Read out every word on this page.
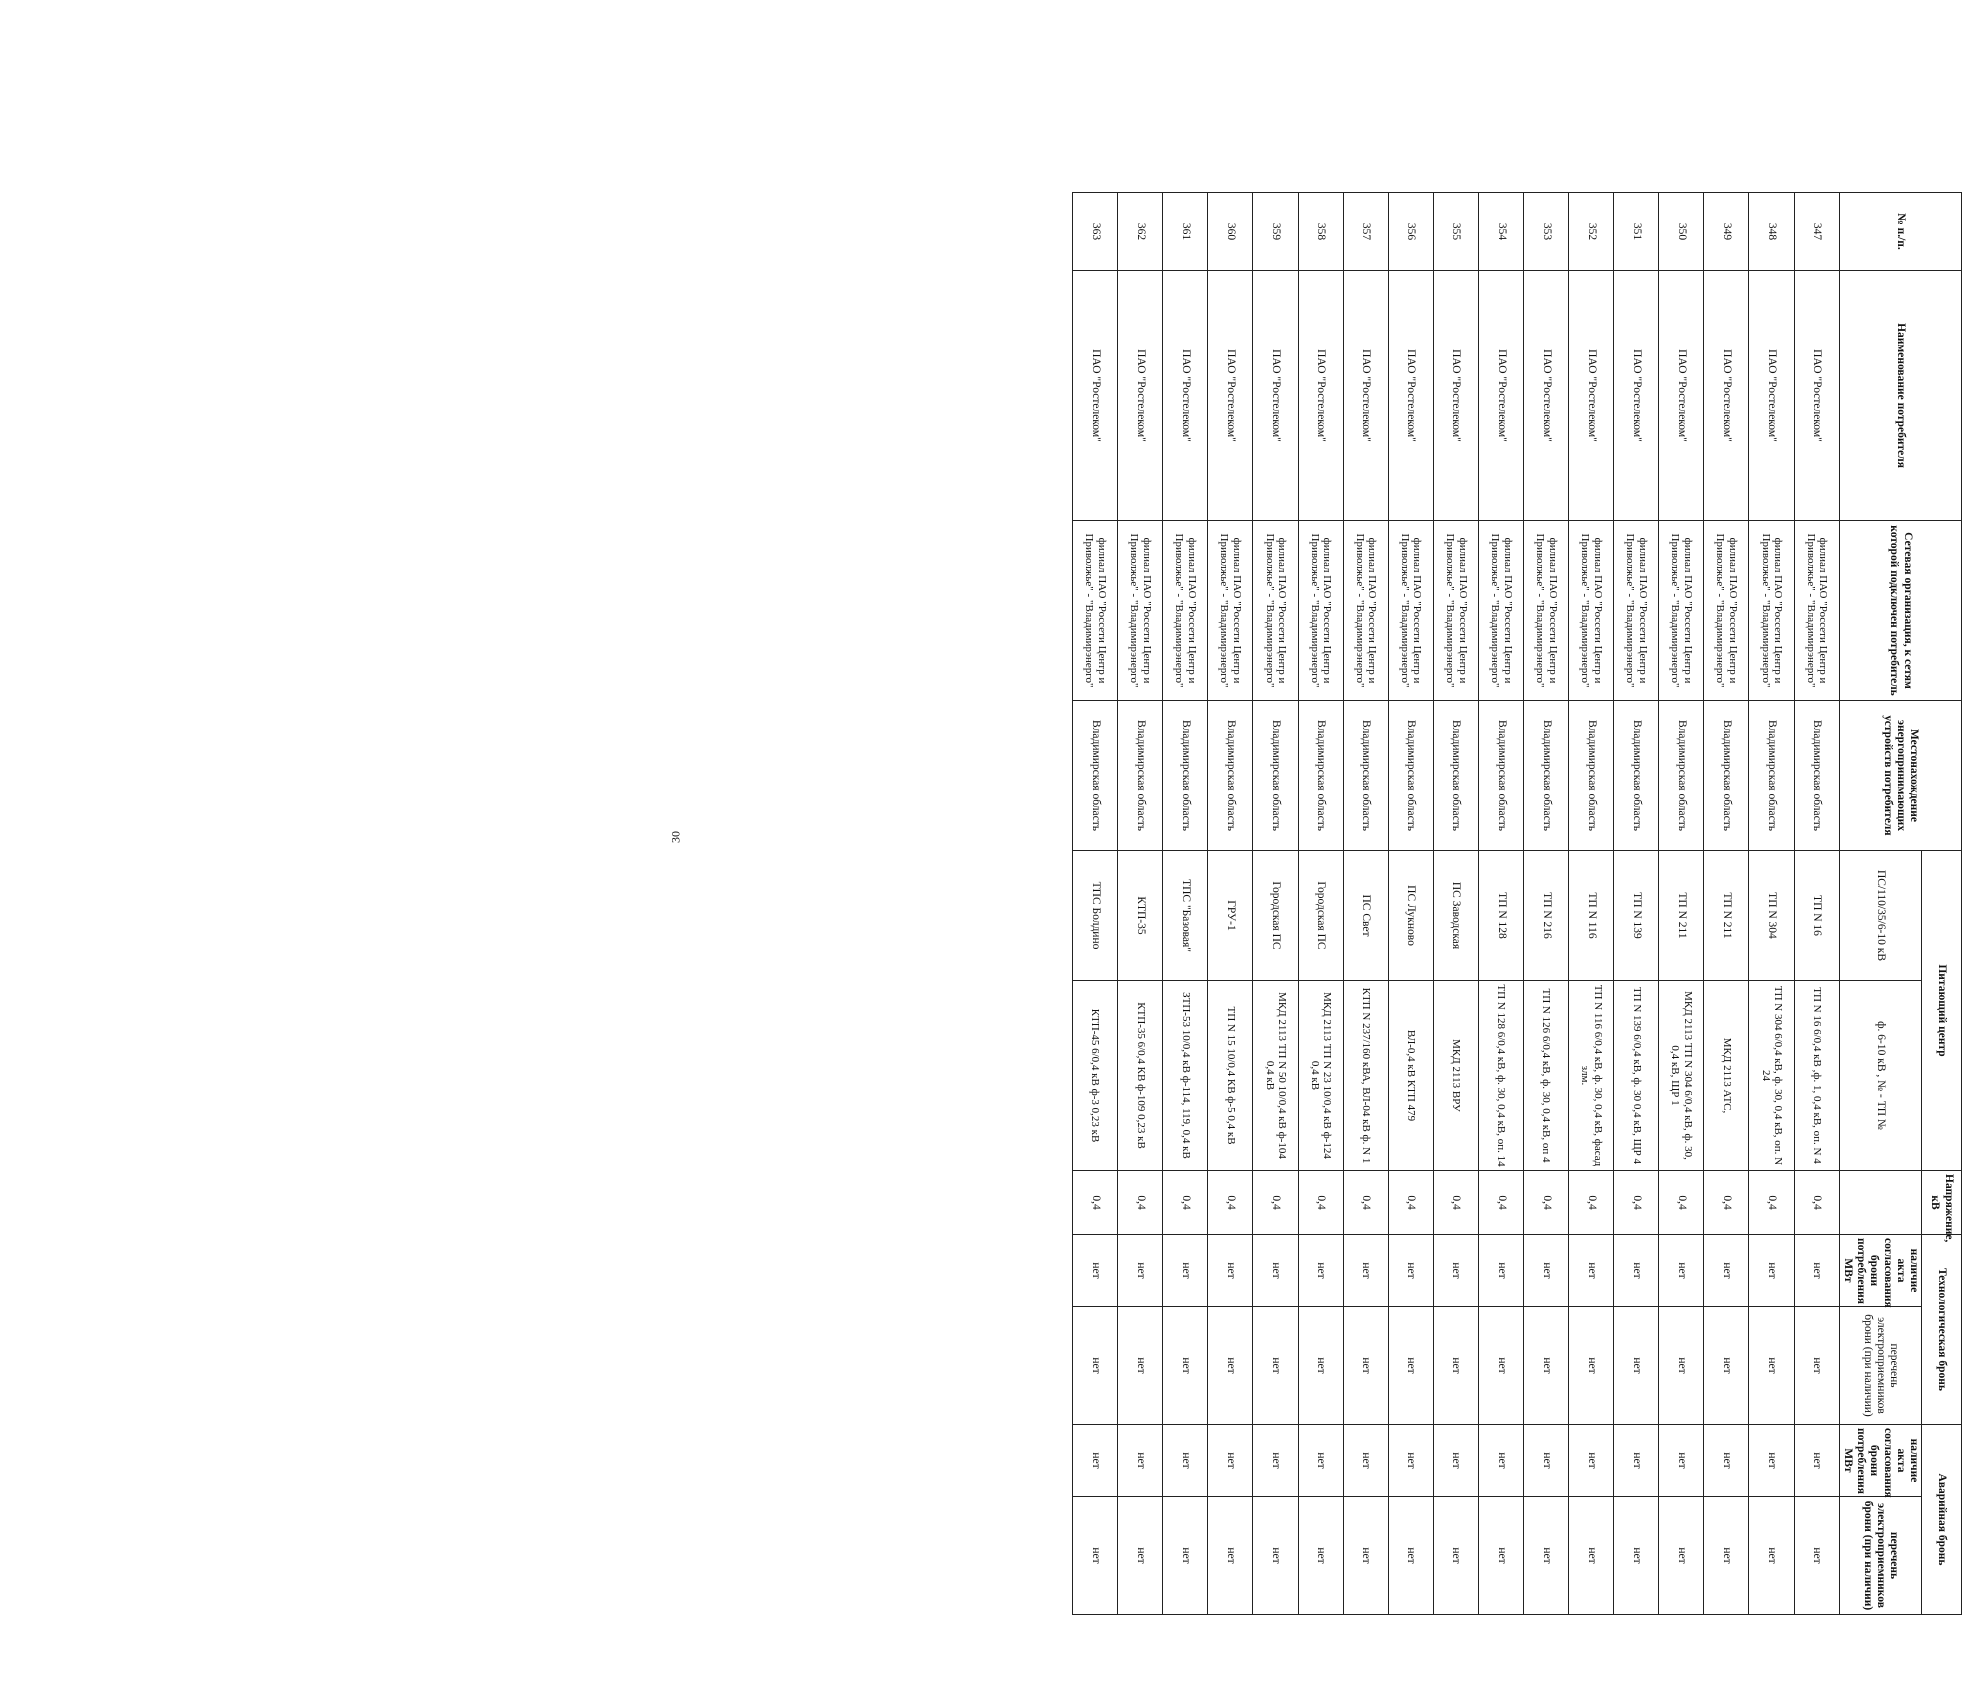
30
№ п./п.	Наименование потребителя	Сетевая организация, к сетям которой подключен потребитель	Местонахождение энергопринимающих устройств потребителя	Питающий центр		Напряжение, кВ	Технологическая бронь		Аварийная бронь	
				ПС/110/35/6-10 кВ	ф. 6-10 кВ , № - ТП №		наличие акта согласования брони потребления МВт	перечень электроприемников брони (при наличии)	наличие акта согласования брони потребления МВт	перечень электроприемников брони (при наличии)
347	ПАО "Ростелеком"	филиал ПАО "Россети Центр и Приволжье" - "Владимирэнерго"	Владимирская область	ТП N 16	ТП N 16 6/0,4 кВ ,ф. 1, 0,4 кВ, оп. N 4	0,4	нет	нет	нет	нет
348	ПАО "Ростелеком"	филиал ПАО "Россети Центр и Приволжье" - "Владимирэнерго"	Владимирская область	ТП N 304	ТП N 304 6/0,4 кВ, ф. 30, 0,4 кВ, оп. N 24	0,4	нет	нет	нет	нет
349	ПАО "Ростелеком"	филиал ПАО "Россети Центр и Приволжье" - "Владимирэнерго"	Владимирская область	ТП N 211	МКД 2113 АТС,	0,4	нет	нет	нет	нет
350	ПАО "Ростелеком"	филиал ПАО "Россети Центр и Приволжье" - "Владимирэнерго"	Владимирская область	ТП N 211	МКД 2113 ТП N 304 6/0,4 кВ, ф. 30, 0,4 кВ, ЩР 1	0,4	нет	нет	нет	нет
351	ПАО "Ростелеком"	филиал ПАО "Россети Центр и Приволжье" - "Владимирэнерго"	Владимирская область	ТП N 139	ТП N 139 6/0,4 кВ, ф. 30 0,4 кВ, ЩР 4	0,4	нет	нет	нет	нет
352	ПАО "Ростелеком"	филиал ПАО "Россети Центр и Приволжье" - "Владимирэнерго"	Владимирская область	ТП N 116	ТП N 116 6/0,4 кВ, ф. 30, 0,4 кВ, фасад злм.	0,4	нет	нет	нет	нет
353	ПАО "Ростелеком"	филиал ПАО "Россети Центр и Приволжье" - "Владимирэнерго"	Владимирская область	ТП N 216	ТП N 126 6/0,4 кВ, ф. 30, 0,4 кВ, оп 4	0,4	нет	нет	нет	нет
354	ПАО "Ростелеком"	филиал ПАО "Россети Центр и Приволжье" - "Владимирэнерго"	Владимирская область	ТП N 128	ТП N 128 6/0,4 кВ, ф. 30, 0,4 кВ, оп. 14	0,4	нет	нет	нет	нет
355	ПАО "Ростелеком"	филиал ПАО "Россети Центр и Приволжье" - "Владимирэнерго"	Владимирская область	ПС Заводская	МКД 2113 ВРУ	0,4	нет	нет	нет	нет
356	ПАО "Ростелеком"	филиал ПАО "Россети Центр и Приволжье" - "Владимирэнерго"	Владимирская область	ПС Лукново	ВЛ-0,4 кВ КТП 479	0,4	нет	нет	нет	нет
357	ПАО "Ростелеком"	филиал ПАО "Россети Центр и Приволжье" - "Владимирэнерго"	Владимирская область	ПС Свет	КТП N 237/160 кВА, ВЛ-04 кВ ф. N 1	0,4	нет	нет	нет	нет
358	ПАО "Ростелеком"	филиал ПАО "Россети Центр и Приволжье" - "Владимирэнерго"	Владимирская область	Городская ПС	МКД 2113 ТП N 23 10/0,4 кВ ф-124 0,4 кВ	0,4	нет	нет	нет	нет
359	ПАО "Ростелеком"	филиал ПАО "Россети Центр и Приволжье" - "Владимирэнерго"	Владимирская область	Городская ПС	МКД 2113 ТП N 50 10/0,4 кВ ф-104 0,4 кВ	0,4	нет	нет	нет	нет
360	ПАО "Ростелеком"	филиал ПАО "Россети Центр и Приволжье" - "Владимирэнерго"	Владимирская область	ГРУ-1	ТП N 15 10/0,4 КВ ф-5 0,4 кВ	0,4	нет	нет	нет	нет
361	ПАО "Ростелеком"	филиал ПАО "Россети Центр и Приволжье" - "Владимирэнерго"	Владимирская область	ТПС "Базовая"	ЗТП-53 10/0,4 кВ ф-114, 119, 0,4 кВ	0,4	нет	нет	нет	нет
362	ПАО "Ростелеком"	филиал ПАО "Россети Центр и Приволжье" - "Владимирэнерго"	Владимирская область	КТП-35	КТП-35 6/0,4 КВ ф-109 0,23 кВ	0,4	нет	нет	нет	нет
363	ПАО "Ростелеком"	филиал ПАО "Россети Центр и Приволжье" - "Владимирэнерго"	Владимирская область	ТПС Болдино	КТП-45 6/0,4 кВ ф-3 0,23 кВ	0,4	нет	нет	нет	нет
